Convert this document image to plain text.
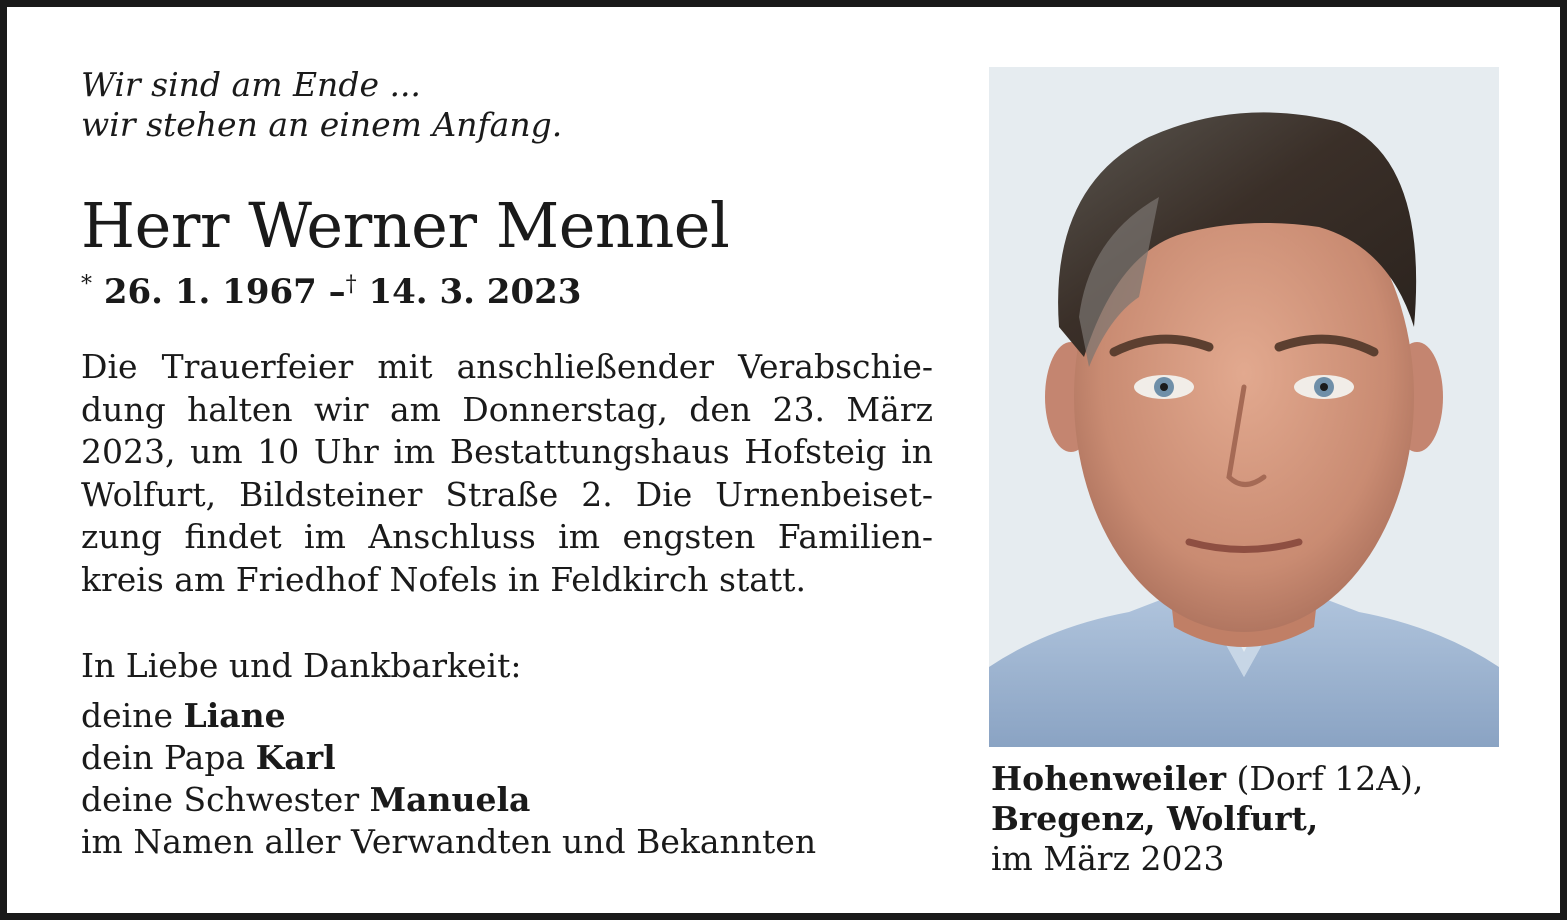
Wir sind am Ende ...
wir stehen an einem Anfang.
Herr Werner Mennel
* 26. 1. 1967 –† 14. 3. 2023
Die Trauerfeier mit anschließender Verabschie-
dung halten wir am Donnerstag, den 23. März
2023, um 10 Uhr im Bestattungshaus Hofsteig in
Wolfurt, Bildsteiner Straße 2. Die Urnenbeiset-
zung findet im Anschluss im engsten Familien-
kreis am Friedhof Nofels in Feldkirch statt.
In Liebe und Dankbarkeit:
deine Liane
dein Papa Karl
deine Schwester Manuela
im Namen aller Verwandten und Bekannten
Hohenweiler (Dorf 12A),
Bregenz, Wolfurt,
im März 2023
